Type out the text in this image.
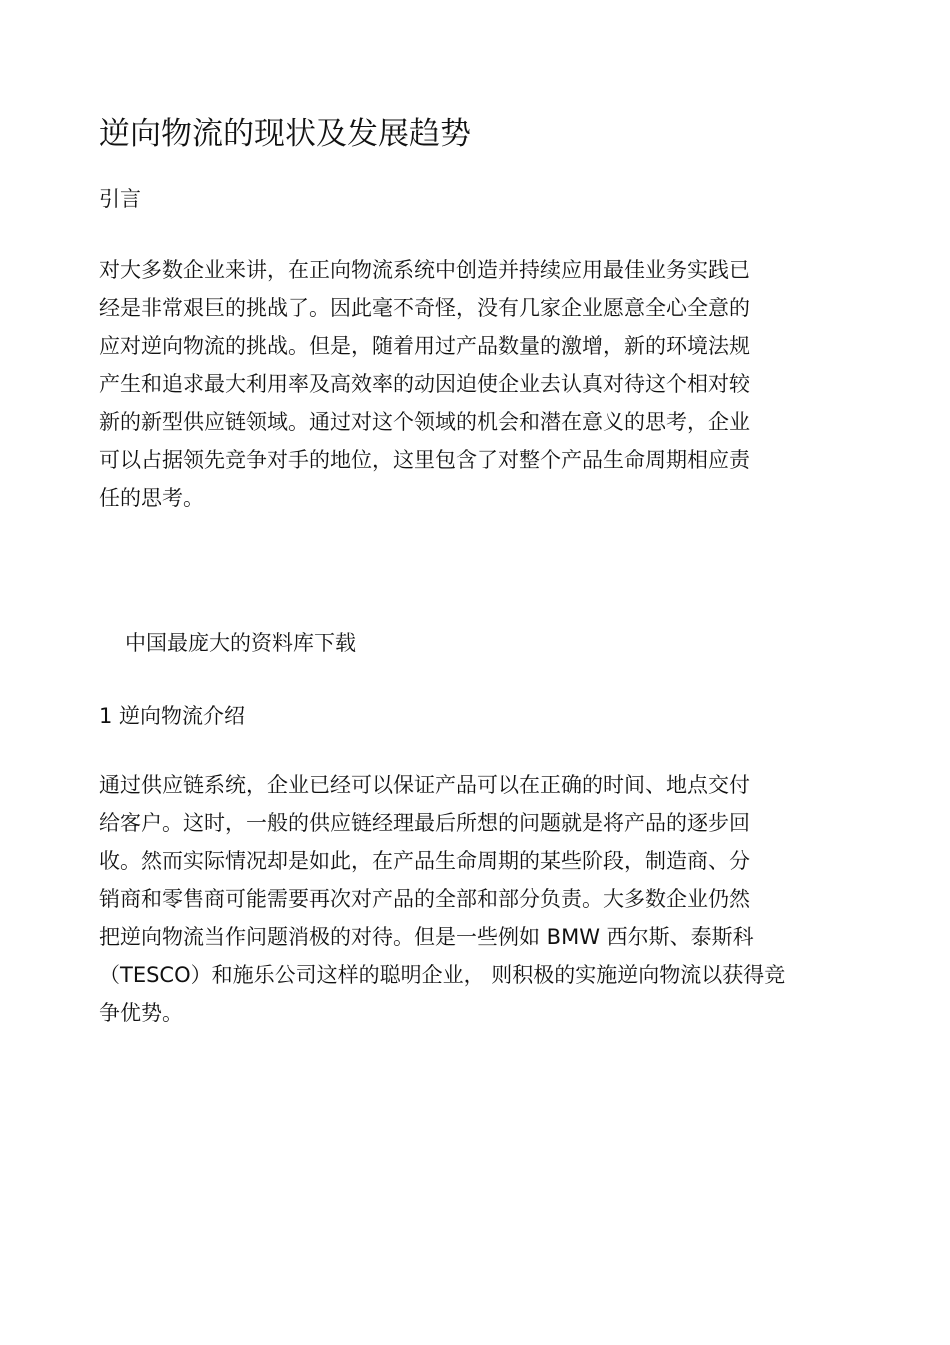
逆向物流的现状及发展趋势
引言
对大多数企业来讲，在正向物流系统中创造并持续应用最佳业务实践已
经是非常艰巨的挑战了。因此毫不奇怪，没有几家企业愿意全心全意的
应对逆向物流的挑战。但是，随着用过产品数量的激增，新的环境法规
产生和追求最大利用率及高效率的动因迫使企业去认真对待这个相对较
新的新型供应链领域。通过对这个领域的机会和潜在意义的思考，企业
可以占据领先竞争对手的地位，这里包含了对整个产品生命周期相应责
任的思考。
中国最庞大的资料库下载
1 逆向物流介绍
通过供应链系统，企业已经可以保证产品可以在正确的时间、地点交付
给客户。这时，一般的供应链经理最后所想的问题就是将产品的逐步回
收。然而实际情况却是如此，在产品生命周期的某些阶段，制造商、分
销商和零售商可能需要再次对产品的全部和部分负责。大多数企业仍然
把逆向物流当作问题消极的对待。但是一些例如 BMW 西尔斯、泰斯科
（TESCO）和施乐公司这样的聪明企业， 则积极的实施逆向物流以获得竞
争优势。
